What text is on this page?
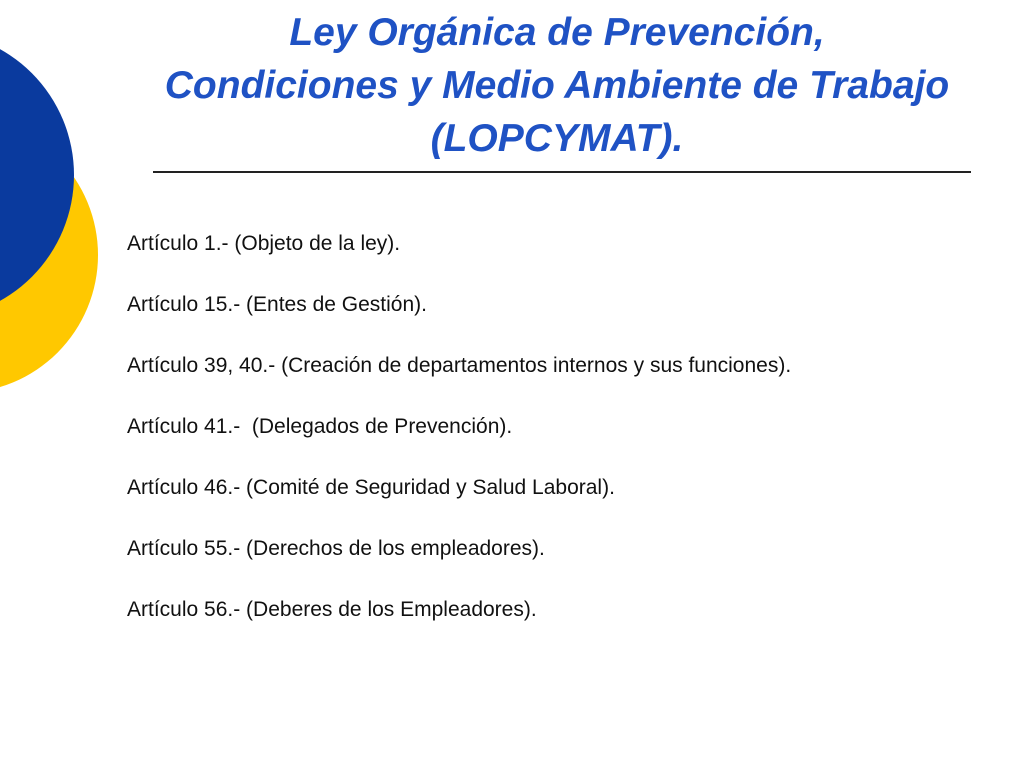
Ley Orgánica de Prevención,
Condiciones y Medio Ambiente de Trabajo
(LOPCYMAT).
Artículo 1.- (Objeto de la ley).
Artículo 15.- (Entes de Gestión).
Artículo 39, 40.- (Creación de departamentos internos y sus funciones).
Artículo 41.-  (Delegados de Prevención).
Artículo 46.- (Comité de Seguridad y Salud Laboral).
Artículo 55.- (Derechos de los empleadores).
Artículo 56.- (Deberes de los Empleadores).
